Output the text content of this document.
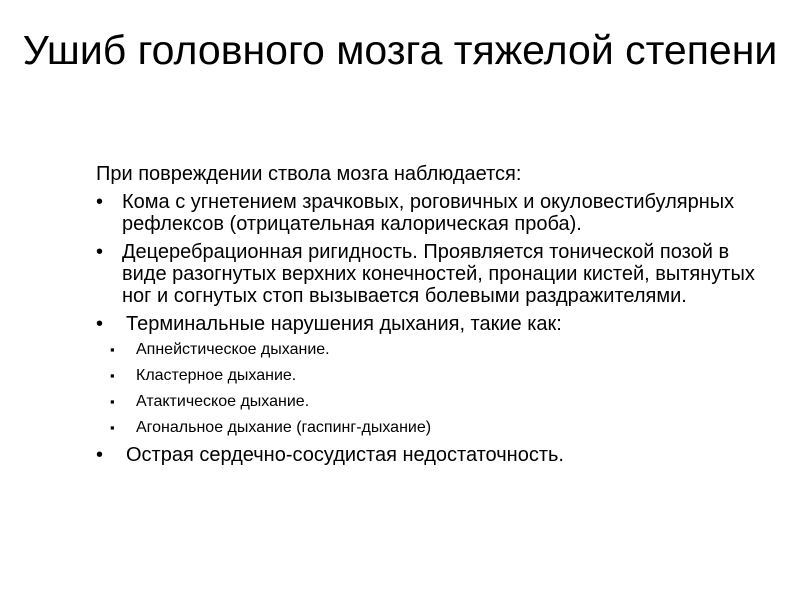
Ушиб головного мозга тяжелой степени

При повреждении ствола мозга наблюдается:

• Кома с угнетением зрачковых, роговичных и окуловестибулярных рефлексов (отрицательная калорическая проба).
• Децеребрационная ригидность. Проявляется тонической позой в виде разогнутых верхних конечностей, пронации кистей, вытянутых ног и согнутых стоп вызывается болевыми раздражителями.
• Терминальные нарушения дыхания, такие как:
▪ Апнейстическое дыхание.
▪ Кластерное дыхание.
▪ Атактическое дыхание.
▪ Агональное дыхание (гаспинг-дыхание)
• Острая сердечно-сосудистая недостаточность.
